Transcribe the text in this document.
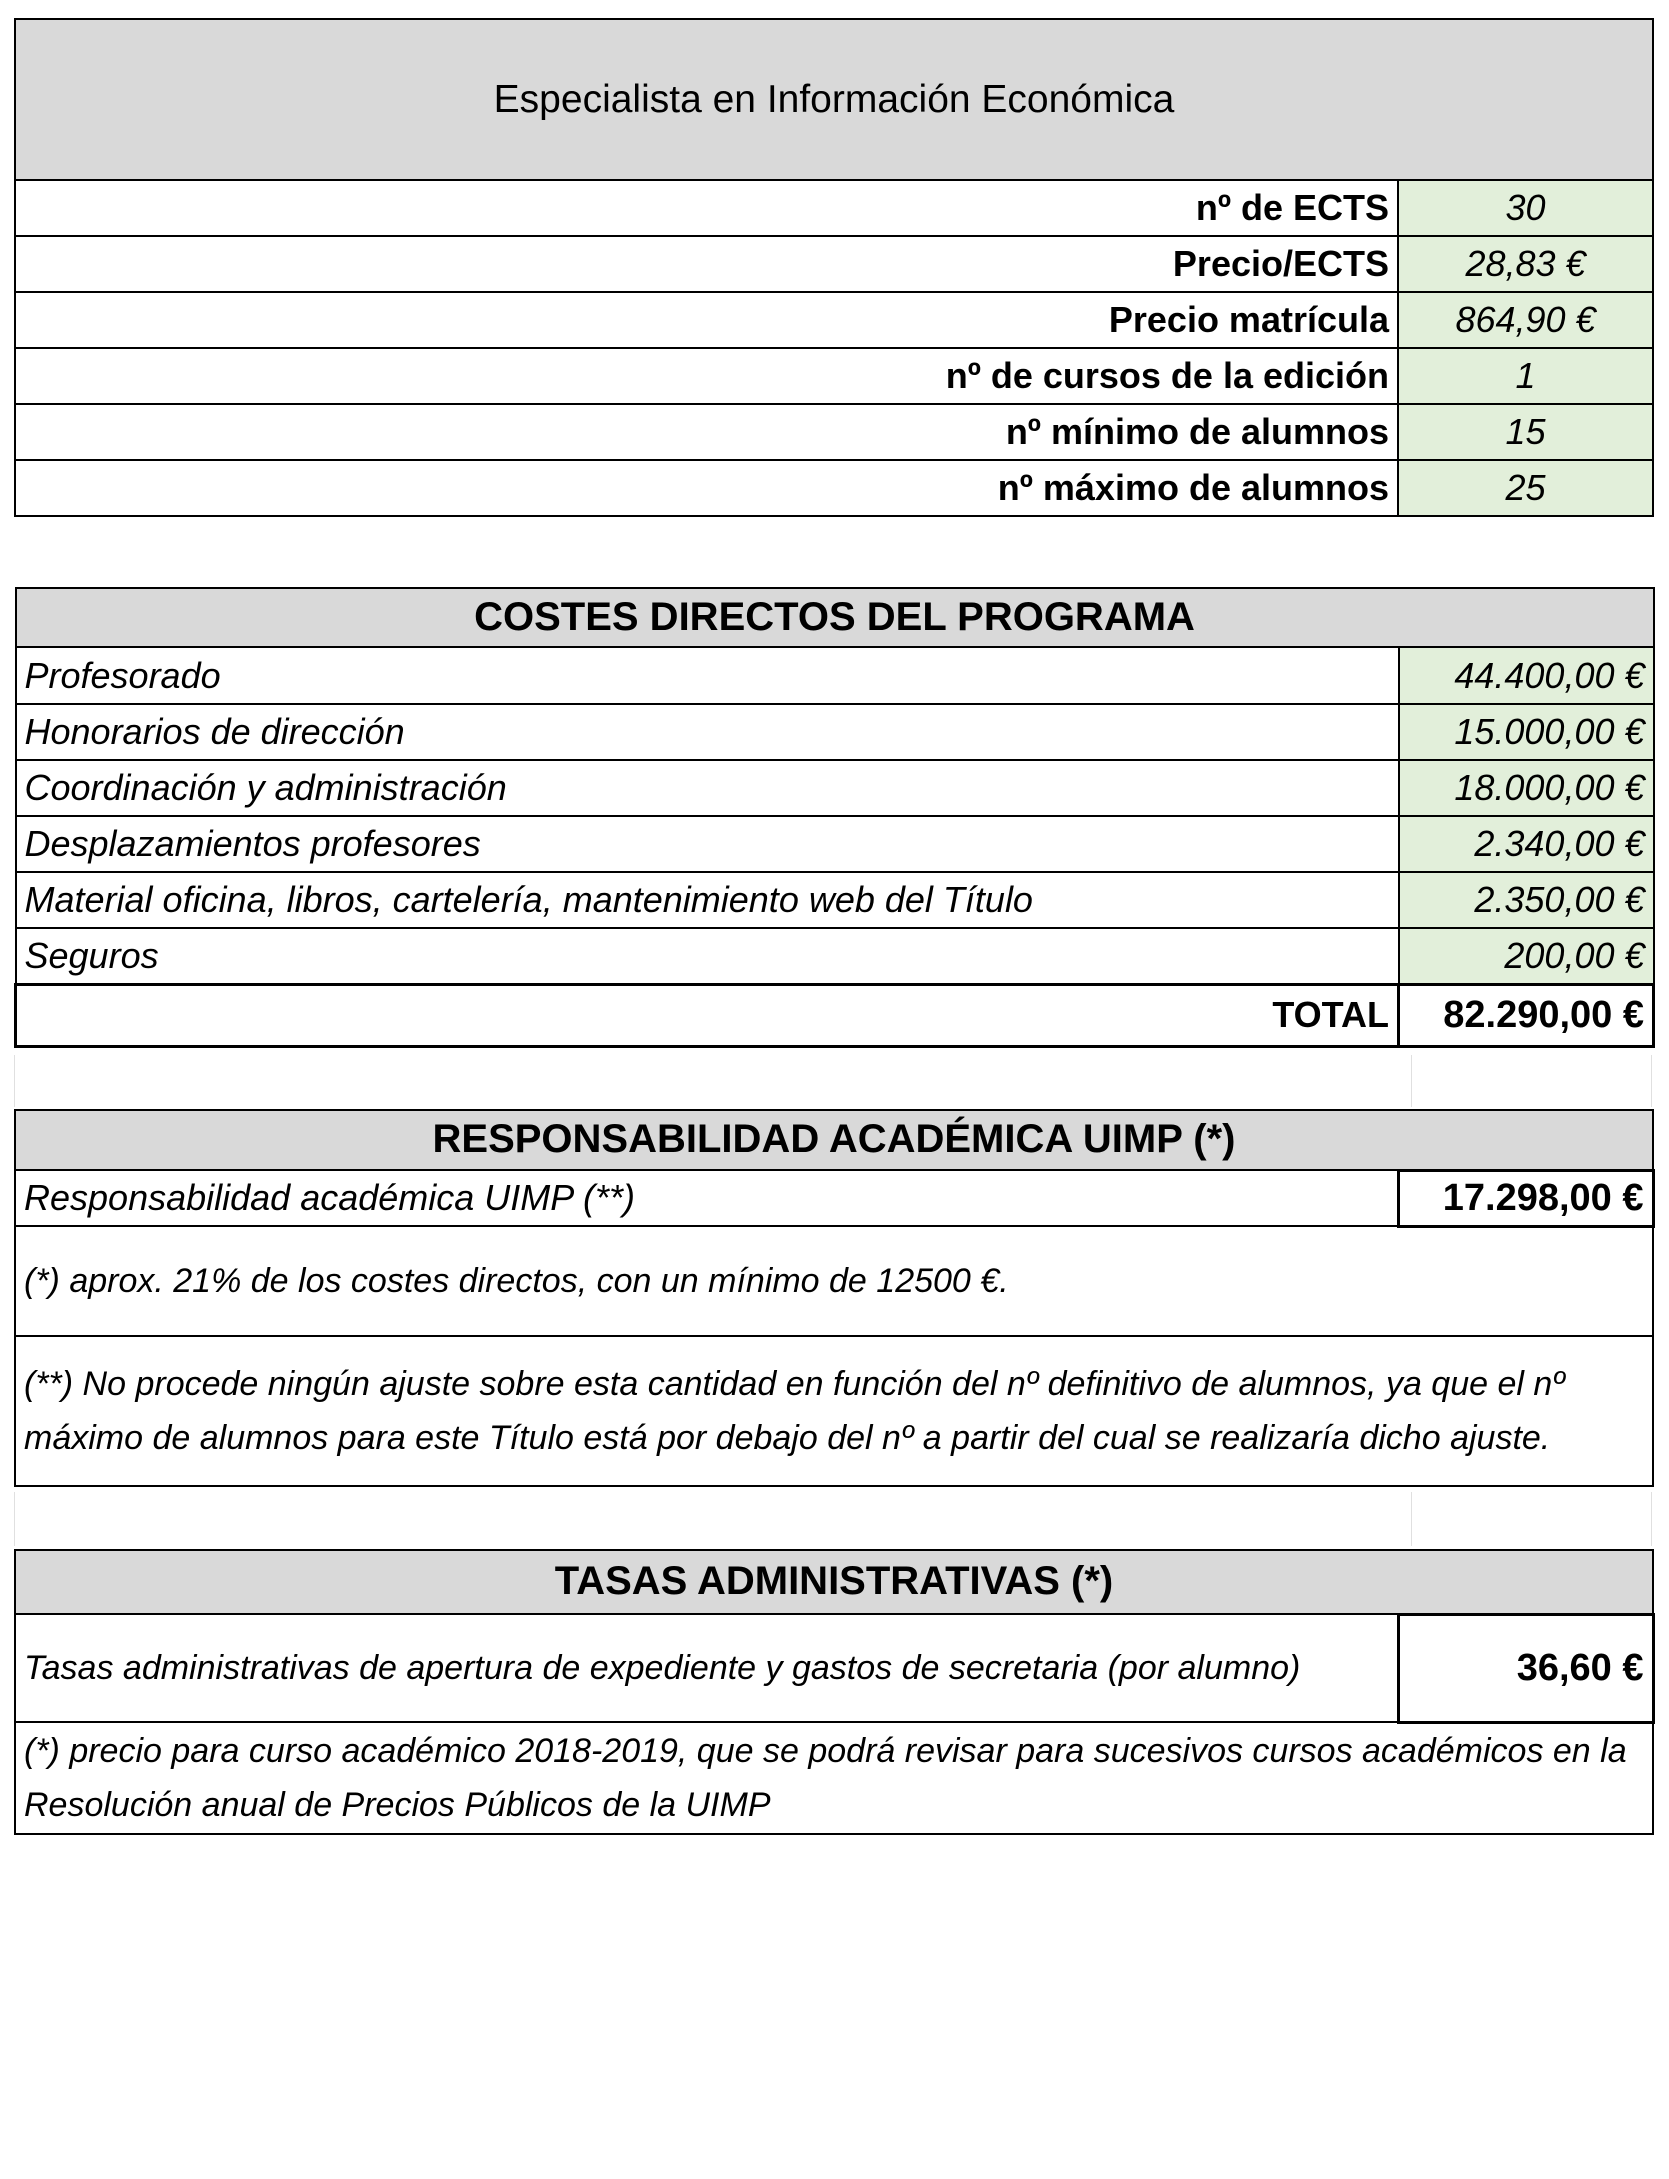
Especialista en Información Económica	
nº de ECTS	30
Precio/ECTS	28,83 €
Precio matrícula	864,90 €
nº de cursos de la edición	1
nº mínimo de alumnos	15
nº máximo de alumnos	25
COSTES DIRECTOS DEL PROGRAMA	
Profesorado	44.400,00 €
Honorarios de dirección	15.000,00 €
Coordinación y administración	18.000,00 €
Desplazamientos profesores	2.340,00 €
Material oficina, libros, cartelería, mantenimiento web del Título	2.350,00 €
Seguros	200,00 €
TOTAL	82.290,00 €
RESPONSABILIDAD ACADÉMICA UIMP (*)
Responsabilidad académica UIMP (**)	17.298,00 €
(*) aprox. 21% de los costes directos, con un mínimo de 12500 €.
(**) No procede ningún ajuste sobre esta cantidad en función del nº definitivo de alumnos, ya que el nº máximo de alumnos para este Título está por debajo del nº a partir del cual se realizaría dicho ajuste.
TASAS ADMINISTRATIVAS (*)
Tasas administrativas de apertura de expediente y gastos de secretaria (por alumno)	36,60 €
(*) precio para curso académico 2018-2019, que se podrá revisar para sucesivos cursos académicos en la Resolución anual de Precios Públicos de la UIMP
